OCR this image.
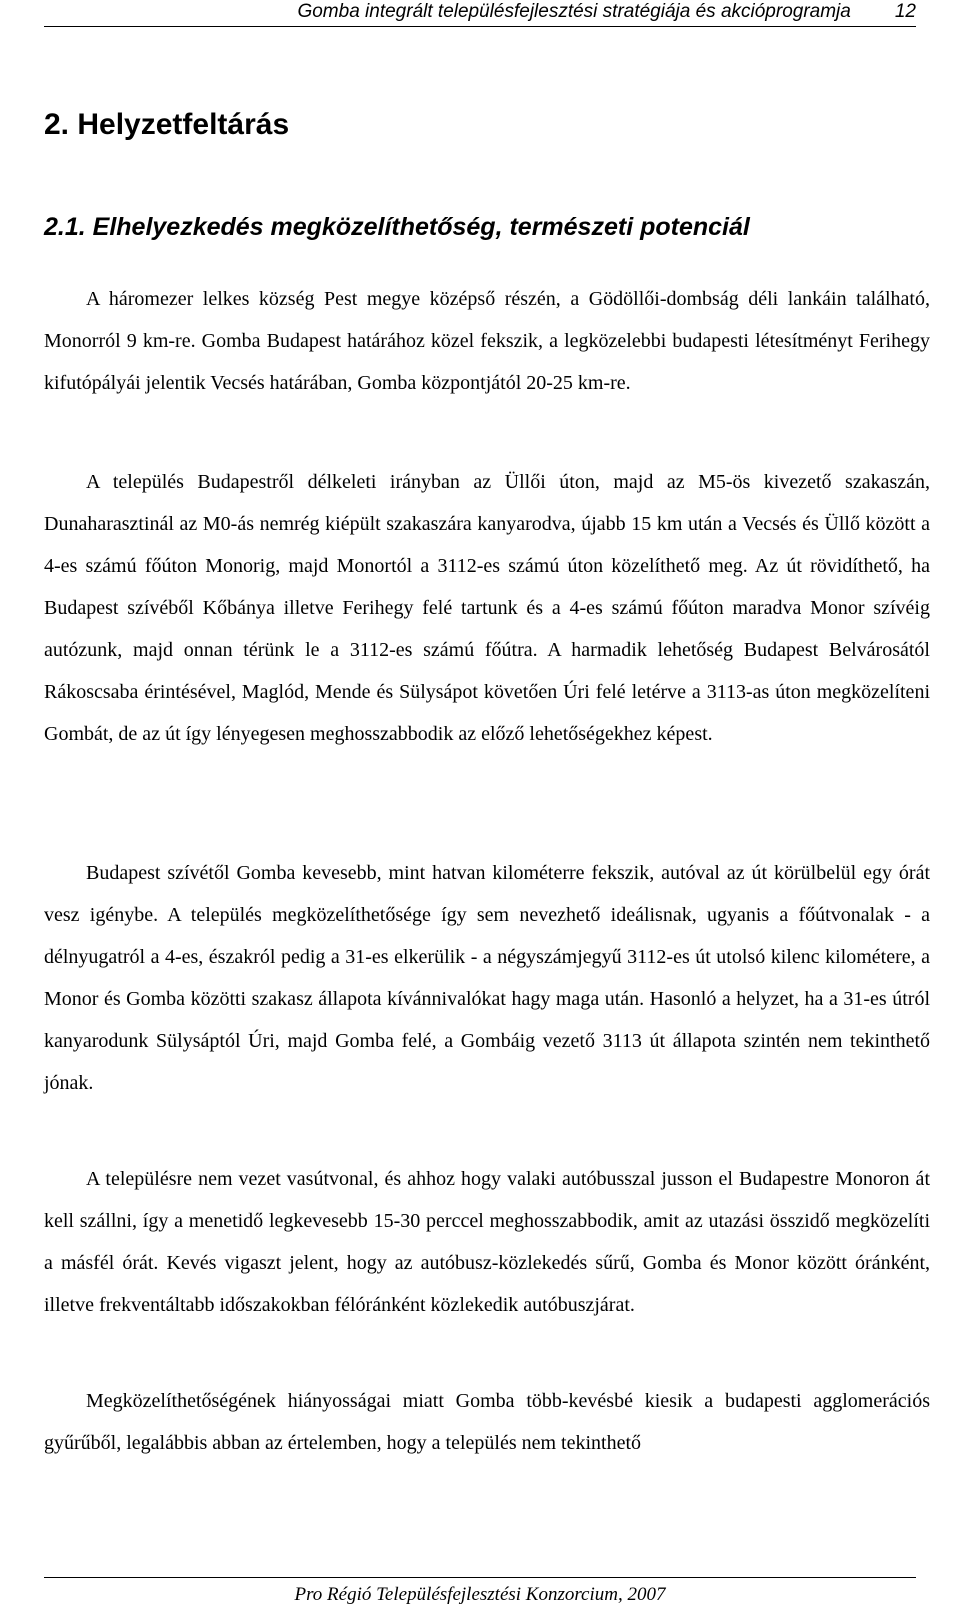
Gomba integrált településfejlesztési stratégiája és akcióprogramja 12
2. Helyzetfeltárás
2.1. Elhelyezkedés megközelíthetőség, természeti potenciál

A háromezer lelkes község Pest megye középső részén, a Gödöllői-dombság déli lankáin található, Monorról 9 km-re. Gomba Budapest határához közel fekszik, a legközelebbi budapesti létesítményt Ferihegy kifutópályái jelentik Vecsés határában, Gomba központjától 20-25 km-re.

A település Budapestről délkeleti irányban az Üllői úton, majd az M5-ös kivezető szakaszán, Dunaharasztinál az M0-ás nemrég kiépült szakaszára kanyarodva, újabb 15 km után a Vecsés és Üllő között a 4-es számú főúton Monorig, majd Monortól a 3112-es számú úton közelíthető meg. Az út rövidíthető, ha Budapest szívéből Kőbánya illetve Ferihegy felé tartunk és a 4-es számú főúton maradva Monor szívéig autózunk, majd onnan térünk le a 3112-es számú főútra. A harmadik lehetőség Budapest Belvárosától Rákoscsaba érintésével, Maglód, Mende és Sülysápot követően Úri felé letérve a 3113-as úton megközelíteni Gombát, de az út így lényegesen meghosszabbodik az előző lehetőségekhez képest.

Budapest szívétől Gomba kevesebb, mint hatvan kilométerre fekszik, autóval az út körülbelül egy órát vesz igénybe. A település megközelíthetősége így sem nevezhető ideálisnak, ugyanis a főútvonalak - a délnyugatról a 4-es, északról pedig a 31-es elkerülik - a négyszámjegyű 3112-es út utolsó kilenc kilométere, a Monor és Gomba közötti szakasz állapota kívánnivalókat hagy maga után. Hasonló a helyzet, ha a 31-es útról kanyarodunk Sülysáptól Úri, majd Gomba felé, a Gombáig vezető 3113 út állapota szintén nem tekinthető jónak.

A településre nem vezet vasútvonal, és ahhoz hogy valaki autóbusszal jusson el Budapestre Monoron át kell szállni, így a menetidő legkevesebb 15-30 perccel meghosszabbodik, amit az utazási összidő megközelíti a másfél órát. Kevés vigaszt jelent, hogy az autóbusz-közlekedés sűrű, Gomba és Monor között óránként, illetve frekventáltabb időszakokban félóránként közlekedik autóbuszjárat.

Megközelíthetőségének hiányosságai miatt Gomba több-kevésbé kiesik a budapesti agglomerációs gyűrűből, legalábbis abban az értelemben, hogy a település nem tekinthető

Pro Régió Településfejlesztési Konzorcium, 2007
